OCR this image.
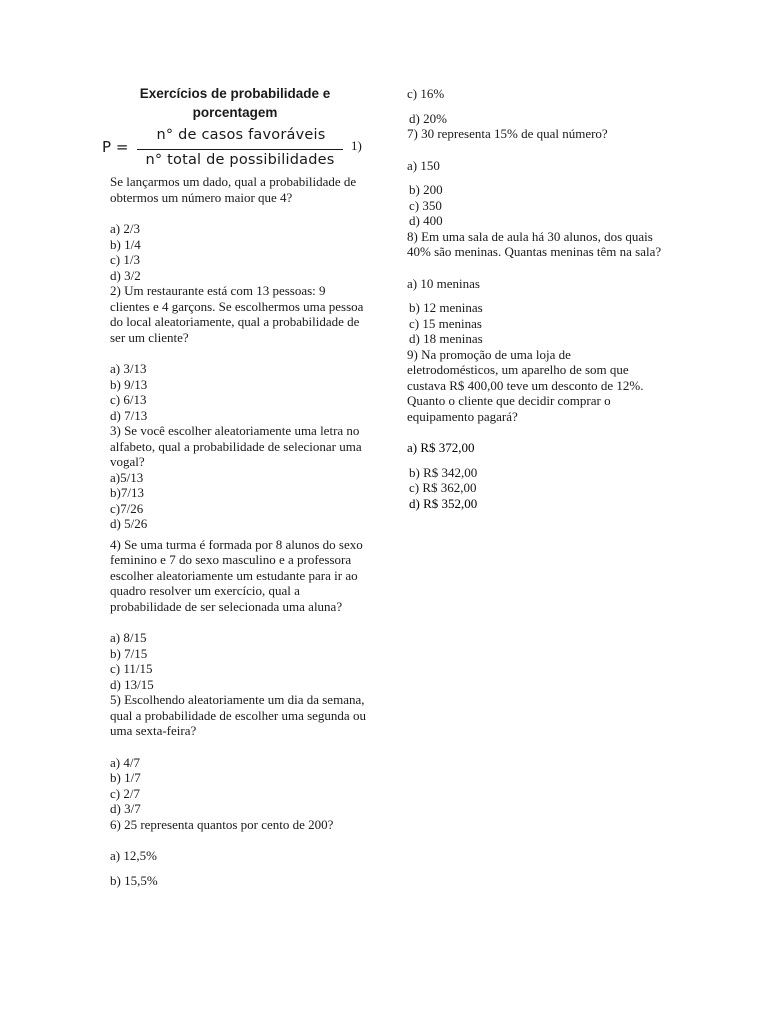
Exercícios de probabilidade e

porcentagem

P =
n° de casos favoráveis
n° total de possibilidades
1)

Se lançarmos um dado, qual a probabilidade de obtermos um número maior que 4?

a) 2/3

b) 1/4

c) 1/3

d) 3/2

2) Um restaurante está com 13 pessoas: 9 clientes e 4 garçons. Se escolhermos uma pessoa do local aleatoriamente, qual a probabilidade de ser um cliente?

a) 3/13

b) 9/13

c) 6/13

d) 7/13

3) Se você escolher aleatoriamente uma letra no alfabeto, qual a probabilidade de selecionar uma vogal?

a)5/13

b)7/13

c)7/26

d) 5/26

4) Se uma turma é formada por 8 alunos do sexo feminino e 7 do sexo masculino e a professora escolher aleatoriamente um estudante para ir ao quadro resolver um exercício, qual a probabilidade de ser selecionada uma aluna?

a) 8/15

b) 7/15

c) 11/15

d) 13/15

5) Escolhendo aleatoriamente um dia da semana, qual a probabilidade de escolher uma segunda ou uma sexta-feira?

a) 4/7

b) 1/7

c) 2/7

d) 3/7

6) 25 representa quantos por cento de 200?

a) 12,5%

b) 15,5%

c) 16%

d) 20%

7) 30 representa 15% de qual número?

a) 150

b) 200

c) 350

d) 400

8) Em uma sala de aula há 30 alunos, dos quais 40% são meninas. Quantas meninas têm na sala?

a) 10 meninas

b) 12 meninas

c) 15 meninas

d) 18 meninas

9) Na promoção de uma loja de eletrodomésticos, um aparelho de som que custava R$ 400,00 teve um desconto de 12%. Quanto o cliente que decidir comprar o equipamento pagará?

a) R$ 372,00

b) R$ 342,00

c) R$ 362,00

d) R$ 352,00
